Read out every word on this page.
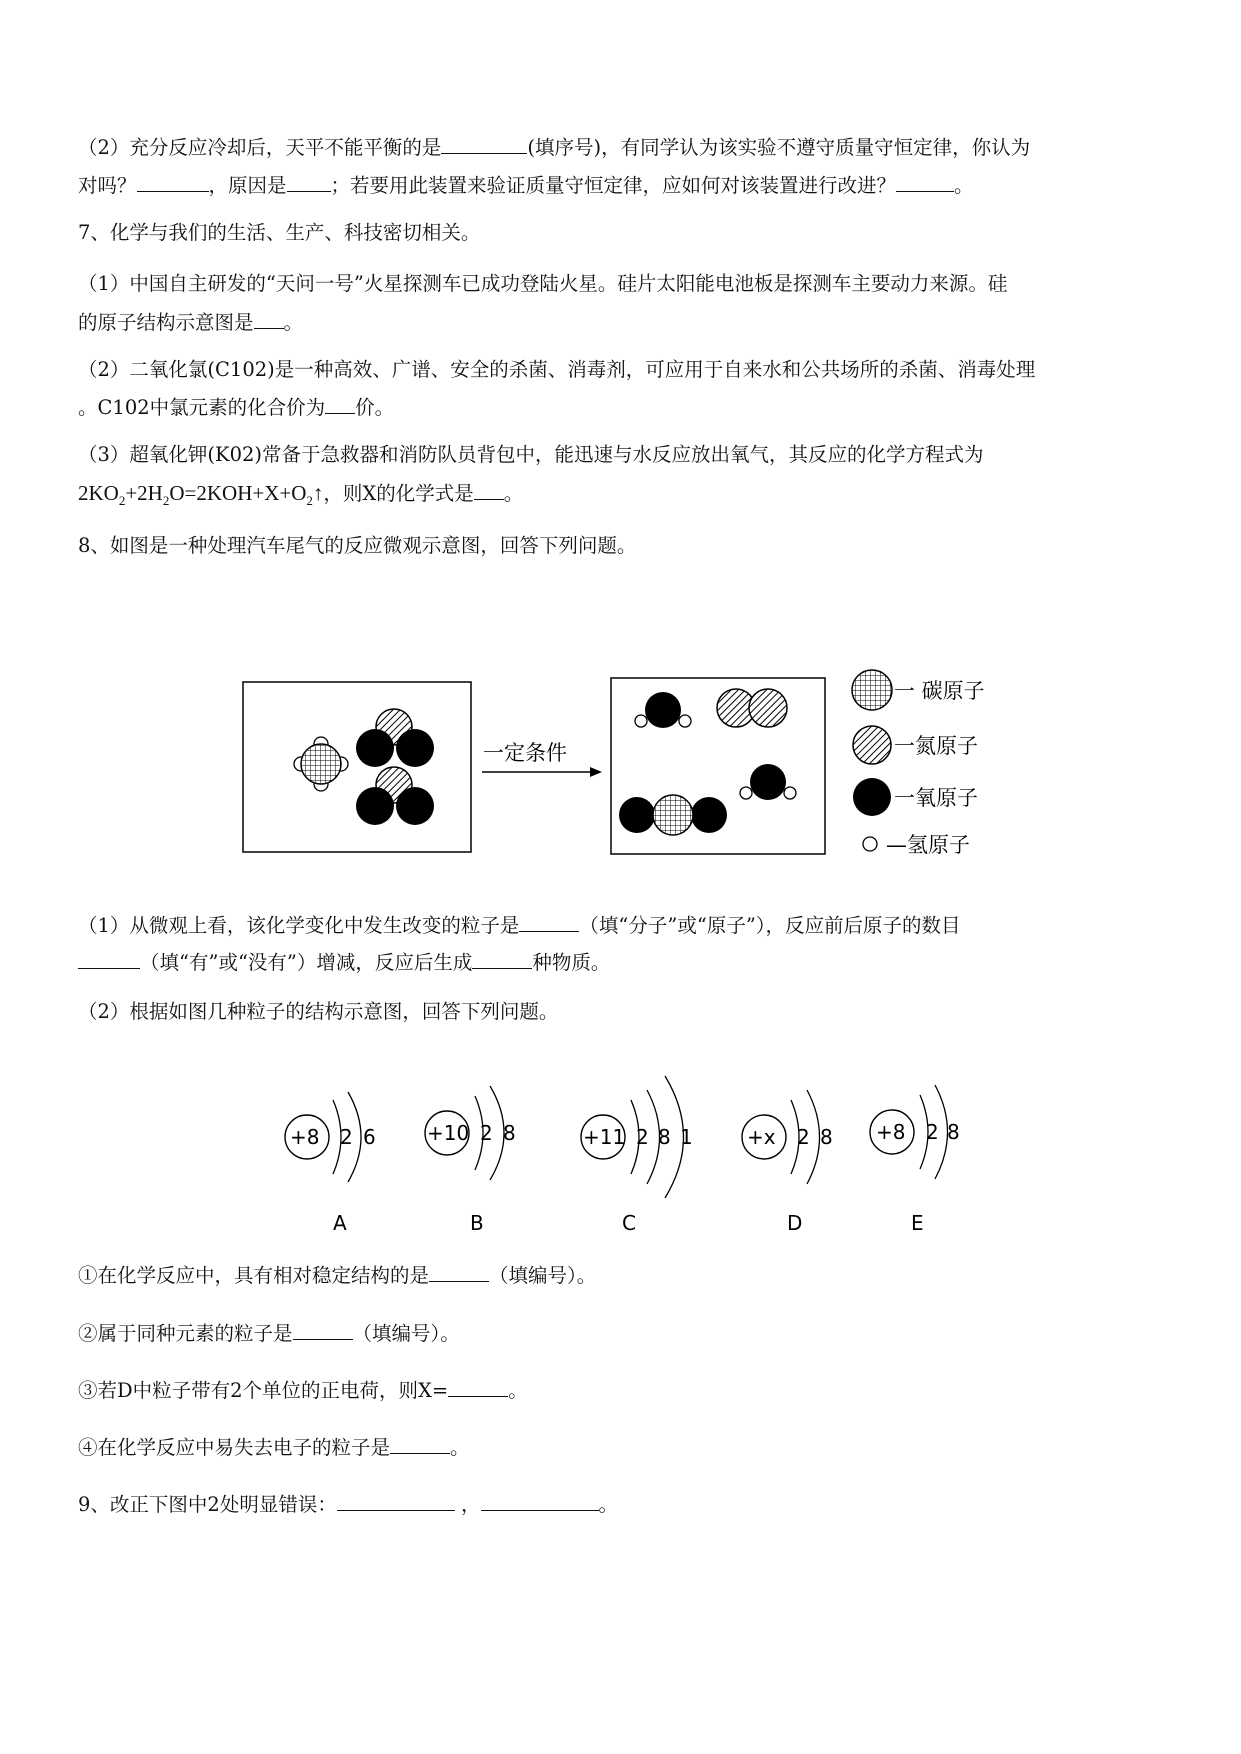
（2）充分反应冷却后，天平不能平衡的是	(填序号)，有同学认为该实验不遵守质量守恒定律，你认为
对吗？	，原因是 ；若要用此装置来验证质量守恒定律，应如何对该装置进行改进？	。
7、化学与我们的生活、生产、科技密切相关。
（1）中国自主研发的“天问一号”火星探测车已成功登陆火星。硅片太阳能电池板是探测车主要动力来源。硅
的原子结构示意图是 。
（2）二氧化氯(C102)是一种高效、广谱、安全的杀菌、消毒剂，可应用于自来水和公共场所的杀菌、消毒处理
。C102中氯元素的化合价为 价。
（3）超氧化钾(K02)常备于急救器和消防队员背包中，能迅速与水反应放出氧气，其反应的化学方程式为
$2KO_2+2H_2O=2KOH+X+O_2↑$，则X的化学式是 。
8、如图是一种处理汽车尾气的反应微观示意图，回答下列问题。
一定条件
一 碳原子
一氮原子
一氧原子
—氢原子
（1）从微观上看，该化学变化中发生改变的粒子是	（填“分子”或“原子”），反应前后原子的数目
（填“有”或“没有”）增减，反应后生成	种物质。
（2）根据如图几种粒子的结构示意图，回答下列问题。
+8 2 6
A
+10 2 8
B
+11 2 8 1
C
+x 2 8
D
+8 2 8
E
①在化学反应中，具有相对稳定结构的是	（填编号）。
②属于同种元素的粒子是	（填编号）。
③若D中粒子带有2个单位的正电荷，则X=	。
④在化学反应中易失去电子的粒子是	。
9、改正下图中2处明显错误：	，	。
